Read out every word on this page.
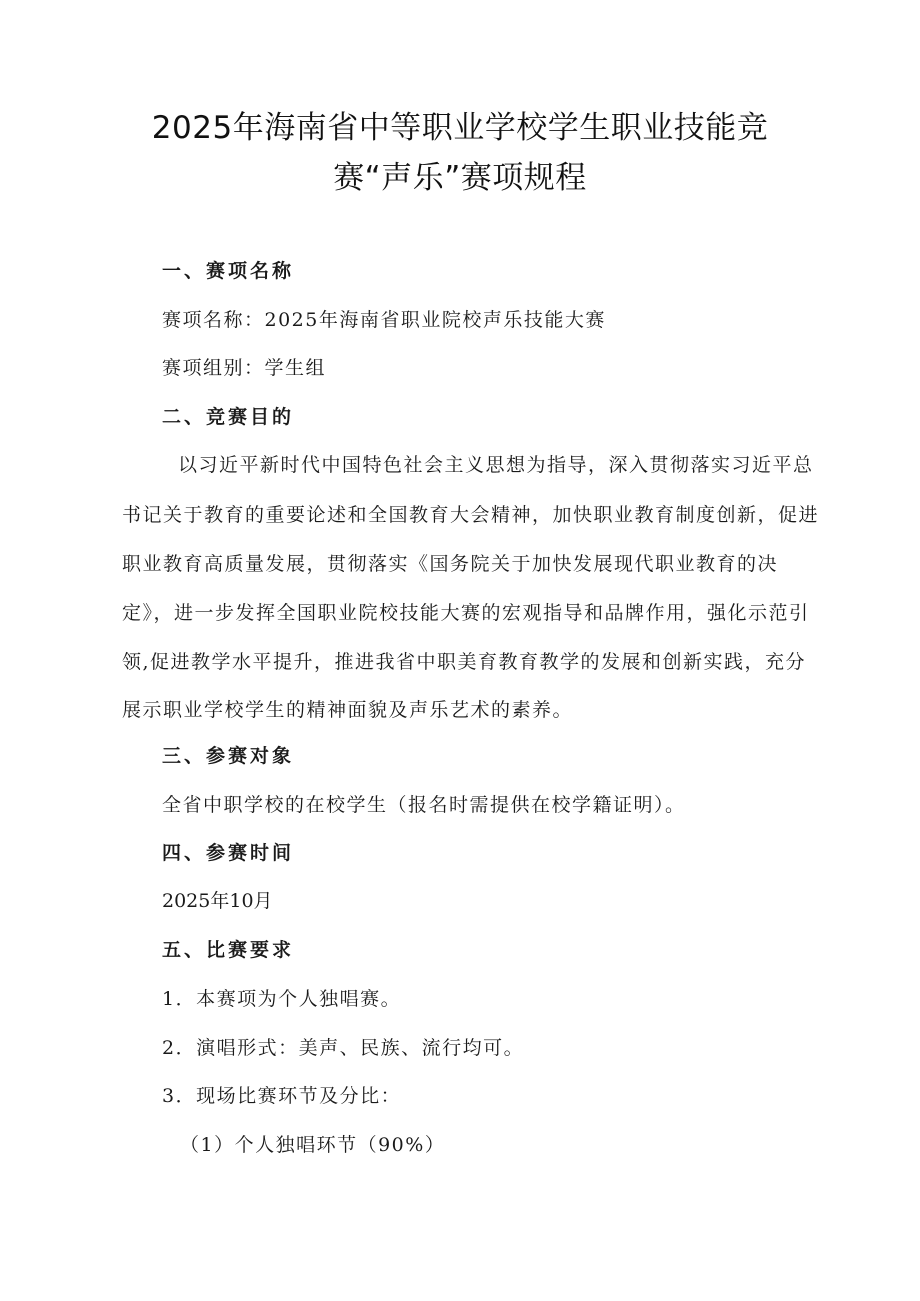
2025年海南省中等职业学校学生职业技能竞
赛“声乐”赛项规程
一、赛项名称
赛项名称：2025年海南省职业院校声乐技能大赛
赛项组别：学生组
二、竞赛目的
以习近平新时代中国特色社会主义思想为指导，深入贯彻落实习近平总
书记关于教育的重要论述和全国教育大会精神，加快职业教育制度创新，促进
职业教育高质量发展，贯彻落实《国务院关于加快发展现代职业教育的决
定》，进一步发挥全国职业院校技能大赛的宏观指导和品牌作用，强化示范引
领,促进教学水平提升，推进我省中职美育教育教学的发展和创新实践，充分
展示职业学校学生的精神面貌及声乐艺术的素养。
三、参赛对象
全省中职学校的在校学生（报名时需提供在校学籍证明）。
四、参赛时间
2025年10月
五、比赛要求
1．本赛项为个人独唱赛。
2．演唱形式：美声、民族、流行均可。
3．现场比赛环节及分比：
（1）个人独唱环节（90%）
